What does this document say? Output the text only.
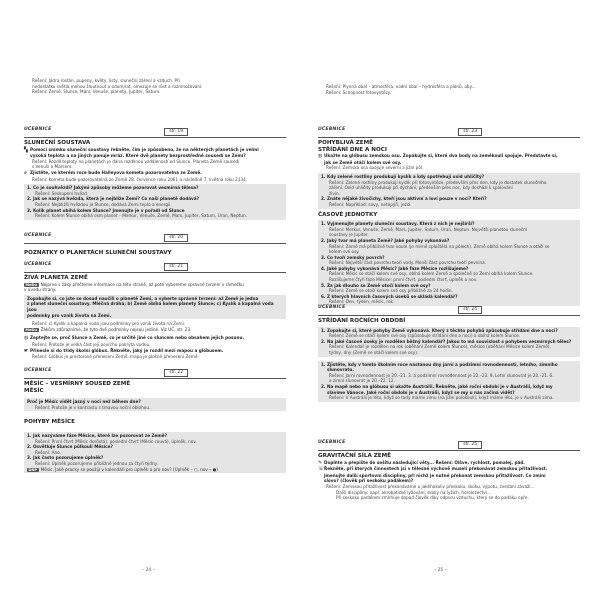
Řešení: Jádra rostlin, pupeny, květy, listy, sluneční záření a vzduch. Při
nedostatku světla mohou žloutnout a odumírat, omezuje se růst a rozmnožování.
Řešení: Země, Slunce, Mars, Venuše, planety, Jupiter, Saturn.
UČEBNICE	str. 19
SLUNEČNÍ SOUSTAVA
▚ Pomocí snímku sluneční soustavy řekněte, čím je způsobeno, že na některých planetách je velmi
vysoká teplota a na jiných panuje mráz. Které dvě planety bezprostředně sousedí se Zemí?
Řešení: Rozdíl teploty na planetách je dána rozdílnou vzdáleností od Slunce. Planeta Země sousedí
s Venuší a Marsem.
⌕ Zjistěte, ve kterém roce bude Halleyova kometa pozorovatelná ze Země.
Řešení: Kometa bude pozorovatelná ze Země 28. července roku 2061 a následně 7. května roku 2134.
1. Co je souhvězdí? Jakými způsoby můžeme pozorovat vesmírná tělesa?
Řešení: Seskupení hvězd.
2. Jak se nazývá hvězda, která je nejblíže Zemi? Co naší planetě dodává?
Řešení: Nejbližší hvězdou je Slunce, dodává Zemi teplo a energii.
3. Kolik planet obíhá kolem Slunce? Jmenujte je v pořadí od Slunce
Řešení: Kolem Slunce obíhá osm planet – Merkur, Venuše, Země, Mars, Jupiter, Saturn, Uran, Neptun.
UČEBNICE	str. 20
POZNATKY O PLANETÁCH SLUNEČNÍ SOUSTAVY
UČEBNICE	str. 21
ŽIVÁ PLANETA ZEMĚ
MeDu Nejprve s žáky přečteme informace na této straně, až poté vybereme správné tvrzení v rámečku
v úvodu strany.
Zopakujte si, co jste se dosud naučili o planetě Zemi, a vyberte správné tvrzení: až Země je jedna
z planet sluneční soustavy. Mléčná dráha; b) Země obíhá kolem planety Slunce; c) Kyslík a kapalná voda jsou
podmínky pro vznik života na Zemi.
Řešení: c) Kyslík a kapalná voda jsou podmínky pro vznik života na Zemi.
MeDu Žákům zdůrazníme, že tyto dvě podmínky nejsou jediné. Viz UČ, str. 23.
◍ Zeptejte se, proč Slunce a Země, co je určitě jiné co sluncem nebo obsahem jejich posunu.
Řešení: Protože je velká část její povrchu pokryta vodou.
☛ Přinesle si do třídy školní glóbus. Řekněte, jaký je rozdíl mezi mapou a glóbusem.
Řešení: Glóbus je prostorové přenesení Země, mapa je plošné přenesení Země.
UČEBNICE	str. 22
MĚSÍC – VESMÍRNÝ SOUSED ZEMĚ
MĚSÍC
Proč je Měsíc vidět jasný v noci než během dne?
Řešení: Protože je v kontrastu s tmavou noční oblohou.
POHYBY MĚSÍCE
1. Jak nazýváme fáze Měsíce, které lze pozorovat ze Země?
Řešení: První čtvrť (Měsíc dorůstá), poslední čtvrť (Měsíc couvá), úplněk, nov.
2. Osvětluje Slunce půlkouli Měsíce?
Řešení: Ano.
3. Jak často pozorujeme úplněk?
Řešení: Úplněk pozorujeme přibližně jednou za čtyři týdny.
DNP Měsíc. Jaké pracky se použijí v kalendáři pro úplněk a pro nov? (Úplněk – ○, nov – ●)
– 24 –
Řešení: Plynná obal – atmosféra, vodní obal – hydrosféra a plánů, aby...
Řešení: Schopnost fotosyntézy.
UČEBNICE	str. 23
POHYBLIVÁ ZEMĚ
STŘÍDÁNÍ DNE A NOCI
◍ Ukažte na glóbusu zemskou osu. Zopakujte si, které dva body na zeměkouli spojuje. Představte si,
jak se Země otáčí kolem své osy.
Řešení: Zemská osa spojuje severní a jižní pól.
1. Kdy zelené rostliny produkují kyslík a kdy spotřebují oxid uhličitý?
Řešení: Zelené rostliny produkují kyslík při fotosyntéze, především přes den, kdy je dostatek slunečního
záření. Oxid uhličitý produkují při dýchání, především přes noc, kdy dochází k spalování
živin.
2. Znáte nějaké živočichy, kteří jsou aktivní a loví pouze v noci? Kteří?
Řešení: Například: sovy, netopýři, ježci.
ČASOVÉ JEDNOTKY
1. Vyjmenujte planety sluneční soustavy. Která z nich je nejširší?
Řešení: Merkur, Venuše, Země, Mars, Jupiter, Saturn, Uran, Neptun. Největší planetou sluneční
soustavy je Jupiter.
2. Jaký tvar má planeta Země? Jaké pohyby vykonává?
Řešení: Země má přibližně tvar koule (je mírně zploštělá na pólech). Země obíhá kolem Slunce a otáčí se
kolem své osy.
3. Co tvoří zemský povrch?
Řešení: Největší část povrchu tvoří vody. Menší část povrchu tvoří pevnina.
4. Jaké pohyby vykonává Měsíc? Jaké fáze Měsíce rozlišujeme?
Řešení: Měsíc se otáčí kolem své osy, obíhá kolem Země a společně se Zemí obíhá kolem Slunce.
Rozlišujeme čtyři fáze Měsíce: první čtvrť, poslední čtvrť, úplněk a nov.
5. Za jak dlouho se Země otočí kolem své osy?
Řešení: Země se otočí kolem své osy přibližně za 24 hodin.
6. Z kterých hlavních časových úseků se skládá kalendář?
Řešení: Den, týden, měsíc, rok.
UČEBNICE	str. 24
STŘÍDÁNÍ ROČNÍCH OBDOBÍ
1. Zopakujte si, které pohyby Země vykonává. Který z těchto pohybů způsobuje střídání dne a noci?
Řešení: Země se otáčí kolem své osy (způsobuje střídání dne a noci) a obíhá kolem Slunce.
2. Na jaké časové úseky je rozdělen běžný kalendář? Jakou to má souvislost s pohybem vesmírných těles?
Řešení: Kalendář je rozdělen na rok (oběhání Země kolem Slunce), měsíce (oběhání Měsíce kolem Země),
týdny, dny (Země se otáčí kolem své osy).
1. Zjistěte, kdy v tomto školním roce nastanou dny jarní a podzimní rovnodennosti, letního, zimního
slunovratu.
Řešení: Jarní rovnodennost je 20.–21. 3. a podzimní rovnodennost je 22.–23. 9. Letní slunovrat je 20.–21. 6.
a zimní slunovrat je 20.–22. 12.
2. Na mapě nebo na glóbusu si ukažte Austrálii. Řekněte, jaké roční období je v Austrálii, když my
slavíme Vánoce. Jaké roční období je v Austrálii, když se my u nás začíná vidět?
Řešení: V Austrálii je léto, když se tady máme zimu (na jižní polokouli), když máme léto, je v Austrálii zima.
UČEBNICE	str. 25
GRAVITAČNÍ SÍLA ZEMĚ
✎ Doplňte a přepište do sešitu následující věty... Řešení: Olšve, rychlost, pomalej, pád.
☏Řekněte, při kterých činnostech jsi v tělesné výchově museli překonávat zemskou přitažlivost.
Jmenujte další sportovní disciplíny, při nichž je nutné překonat zemskou přitažlivost. Co zmíní
slovo? (člověk při seskoku padákem)?
Řešení: Zemskou přitažlivost překonáváme u jakéhokoliv přeskoku, skoku, výpotu, zvedání závaží...
Další disciplíny: např. akrobatické lyžování, skoky na lyžích, horolezectví...
Při seskoku padákem zmírňuje dopad člověk díky odporu vzduchu, který se do padáku opře.
– 25 –
